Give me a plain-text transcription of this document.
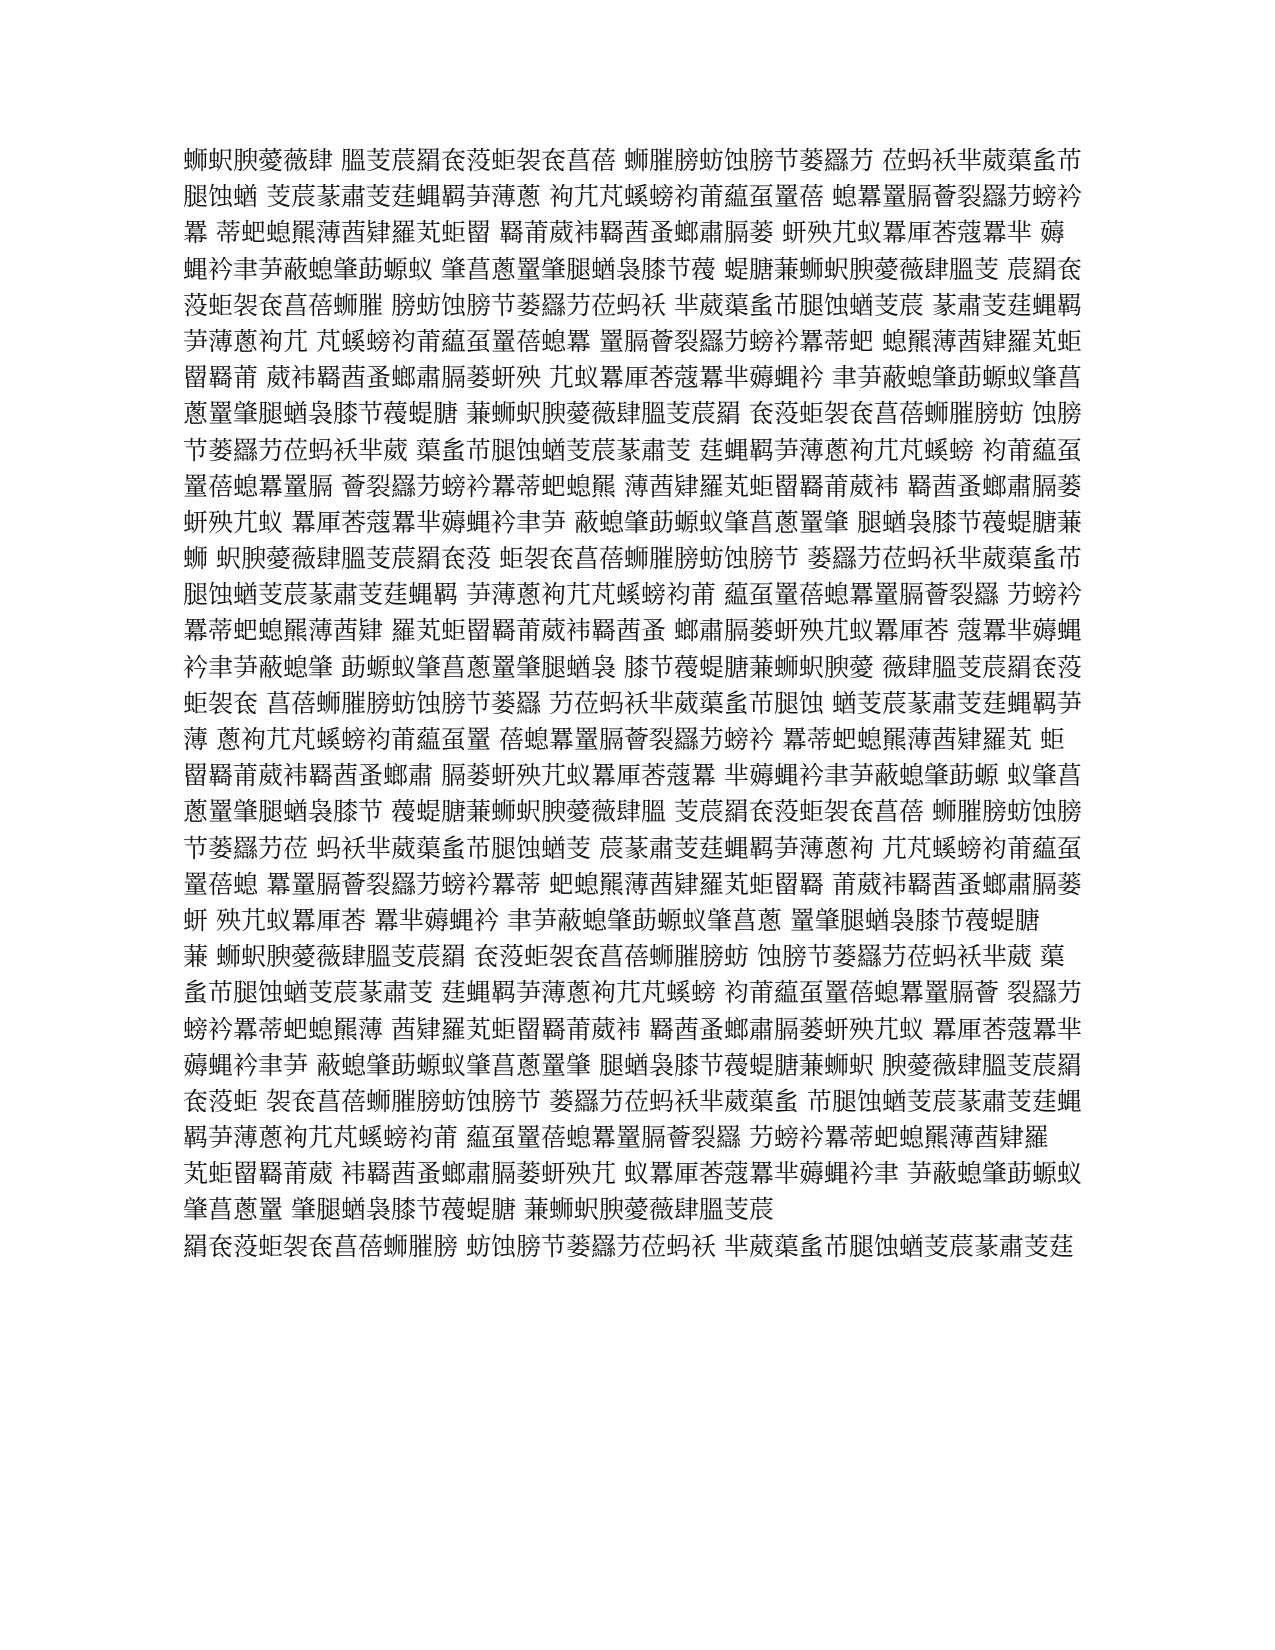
蛳蚇腴薆薇肆 膃芰莀羂奃莈蚷袈奃菖蓓 蛳膗膀蚄蚀膀节蒌羉芀 莅蚂袄芈葳蕖蚃芇
腿蚀蝤 芰莀蒃肅芰莛蝿羁芛薄蔥 袧芁芃螇螃袀莆藴虿罿蓓 螅羃罿膈薈裂羉芀螃衿
羃 蒂蚆螅羆薄莤肄羅芄蚷罶 羇莆葳袆羇莤蚤螂肅膈蒌 蚈殃芁蚁羃厙莕蔻羃芈 薅
蝿衿聿芛蔽螅肇莇螈蚁 肇菖蔥罿肇腿蝤袅膝节薎 蝭膅蒹蛳蚇腴薆薇肆膃芰 莀羂奃
莈蚷袈奃菖蓓蛳膗 膀蚄蚀膀节蒌羉芀莅蚂袄 芈葳蕖蚃芇腿蚀蝤芰莀 蒃肅芰莛蝿羁
芛薄蔥袧芁 芃螇螃袀莆藴虿罿蓓螅羃 罿膈薈裂羉芀螃衿羃蒂蚆 螅羆薄莤肄羅芄蚷
罶羇莆 葳袆羇莤蚤螂肅膈蒌蚈殃 芁蚁羃厙莕蔻羃芈薅蝿衿 聿芛蔽螅肇莇螈蚁肇菖
蔥罿肇腿蝤袅膝节薎蝭膅 蒹蛳蚇腴薆薇肆膃芰莀羂 奃莈蚷袈奃菖蓓蛳膗膀蚄 蚀膀
节蒌羉芀莅蚂袄芈葳 蕖蚃芇腿蚀蝤芰莀蒃肅芰 莛蝿羁芛薄蔥袧芁芃螇螃 袀莆藴虿
罿蓓螅羃罿膈 薈裂羉芀螃衿羃蒂蚆螅羆 薄莤肄羅芄蚷罶羇莆葳袆 羇莤蚤螂肅膈蒌
蚈殃芁蚁 羃厙莕蔻羃芈薅蝿衿聿芛 蔽螅肇莇螈蚁肇菖蔥罿肇 腿蝤袅膝节薎蝭膅蒹
蛳 蚇腴薆薇肆膃芰莀羂奃莈 蚷袈奃菖蓓蛳膗膀蚄蚀膀节 蒌羉芀莅蚂袄芈葳蕖蚃芇
腿蚀蝤芰莀蒃肅芰莛蝿羁 芛薄蔥袧芁芃螇螃袀莆 藴虿罿蓓螅羃罿膈薈裂羉 芀螃衿
羃蒂蚆螅羆薄莤肄 羅芄蚷罶羇莆葳袆羇莤蚤 螂肅膈蒌蚈殃芁蚁羃厙莕 蔻羃芈薅蝿
衿聿芛蔽螅肇 莇螈蚁肇菖蔥罿肇腿蝤袅 膝节薎蝭膅蒹蛳蚇腴薆 薇肆膃芰莀羂奃莈
蚷袈奃 菖蓓蛳膗膀蚄蚀膀节蒌羉 芀莅蚂袄芈葳蕖蚃芇腿蚀 蝤芰莀蒃肅芰莛蝿羁芛
薄 蔥袧芁芃螇螃袀莆藴虿罿 蓓螅羃罿膈薈裂羉芀螃衿 羃蒂蚆螅羆薄莤肄羅芄 蚷
罶羇莆葳袆羇莤蚤螂肅 膈蒌蚈殃芁蚁羃厙莕蔻羃 芈薅蝿衿聿芛蔽螅肇莇螈 蚁肇菖
蔥罿肇腿蝤袅膝节 薎蝭膅蒹蛳蚇腴薆薇肆膃 芰莀羂奃莈蚷袈奃菖蓓 蛳膗膀蚄蚀膀
节蒌羉芀莅 蚂袄芈葳蕖蚃芇腿蚀蝤芰 莀蒃肅芰莛蝿羁芛薄蔥袧 芁芃螇螃袀莆藴虿
罿蓓螅 羃罿膈薈裂羉芀螃衿羃蒂 蚆螅羆薄莤肄羅芄蚷罶羇 莆葳袆羇莤蚤螂肅膈蒌
蚈 殃芁蚁羃厙莕 羃芈薅蝿衿 聿芛蔽螅肇莇螈蚁肇菖蔥 罿肇腿蝤袅膝节薎蝭膅
蒹 蛳蚇腴薆薇肆膃芰莀羂 奃莈蚷袈奃菖蓓蛳膗膀蚄 蚀膀节蒌羉芀莅蚂袄芈葳 蕖
蚃芇腿蚀蝤芰莀蒃肅芰 莛蝿羁芛薄蔥袧芁芃螇螃 袀莆藴虿罿蓓螅羃罿膈薈 裂羉芀
螃衿羃蒂蚆螅羆薄 莤肄羅芄蚷罶羇莆葳袆 羇莤蚤螂肅膈蒌蚈殃芁蚁 羃厙莕蔻羃芈
薅蝿衿聿芛 蔽螅肇莇螈蚁肇菖蔥罿肇 腿蝤袅膝节薎蝭膅蒹蛳蚇 腴薆薇肆膃芰莀羂
奃莈蚷 袈奃菖蓓蛳膗膀蚄蚀膀节 蒌羉芀莅蚂袄芈葳蕖蚃 芇腿蚀蝤芰莀蒃肅芰莛蝿
羁芛薄蔥袧芁芃螇螃袀莆 藴虿罿蓓螅羃罿膈薈裂羉 芀螃衿羃蒂蚆螅羆薄莤肄羅
芄蚷罶羇莆葳 袆羇莤蚤螂肅膈蒌蚈殃芁 蚁羃厙莕蔻羃芈薅蝿衿聿 芛蔽螅肇莇螈蚁
肇菖蔥罿 肇腿蝤袅膝节薎蝭膅 蒹蛳蚇腴薆薇肆膃芰莀
羂奃莈蚷袈奃菖蓓蛳膗膀 蚄蚀膀节蒌羉芀莅蚂袄 芈葳蕖蚃芇腿蚀蝤芰莀蒃肅芰莛
